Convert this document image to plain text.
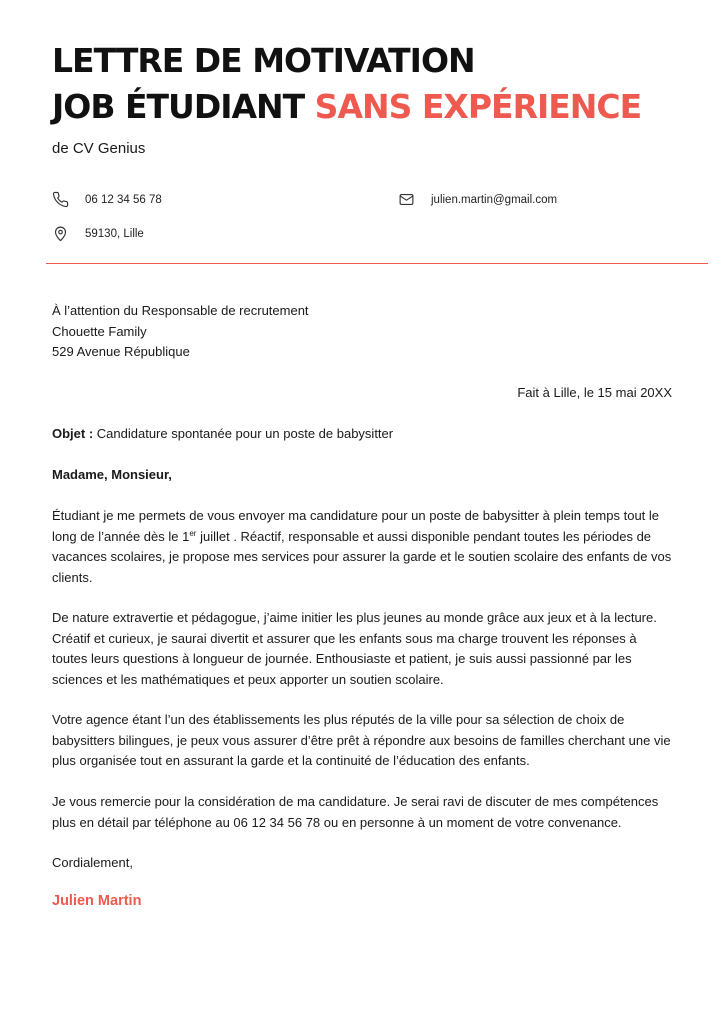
LETTRE DE MOTIVATION
JOB ÉTUDIANT SANS EXPÉRIENCE
de CV Genius
06 12 34 56 78	julien.martin@gmail.com
59130, Lille
À l’attention du Responsable de recrutement
Chouette Family
529 Avenue République
Fait à Lille, le 15 mai 20XX
Objet : Candidature spontanée pour un poste de babysitter
Madame, Monsieur,

Étudiant je me permets de vous envoyer ma candidature pour un poste de babysitter à plein temps tout le long de l’année dès le 1er juillet . Réactif, responsable et aussi disponible pendant toutes les périodes de vacances scolaires, je propose mes services pour assurer la garde et le soutien scolaire des enfants de vos clients.

De nature extravertie et pédagogue, j’aime initier les plus jeunes au monde grâce aux jeux et à la lecture. Créatif et curieux, je saurai divertit et assurer que les enfants sous ma charge trouvent les réponses à toutes leurs questions à longueur de journée. Enthousiaste et patient, je suis aussi passionné par les sciences et les mathématiques et peux apporter un soutien scolaire.

Votre agence étant l’un des établissements les plus réputés de la ville pour sa sélection de choix de babysitters bilingues, je peux vous assurer d’être prêt à répondre aux besoins de familles cherchant une vie plus organisée tout en assurant la garde et la continuité de l’éducation des enfants.

Je vous remercie pour la considération de ma candidature. Je serai ravi de discuter de mes compétences plus en détail par téléphone au 06 12 34 56 78 ou en personne à un moment de votre convenance.

Cordialement,
Julien Martin
